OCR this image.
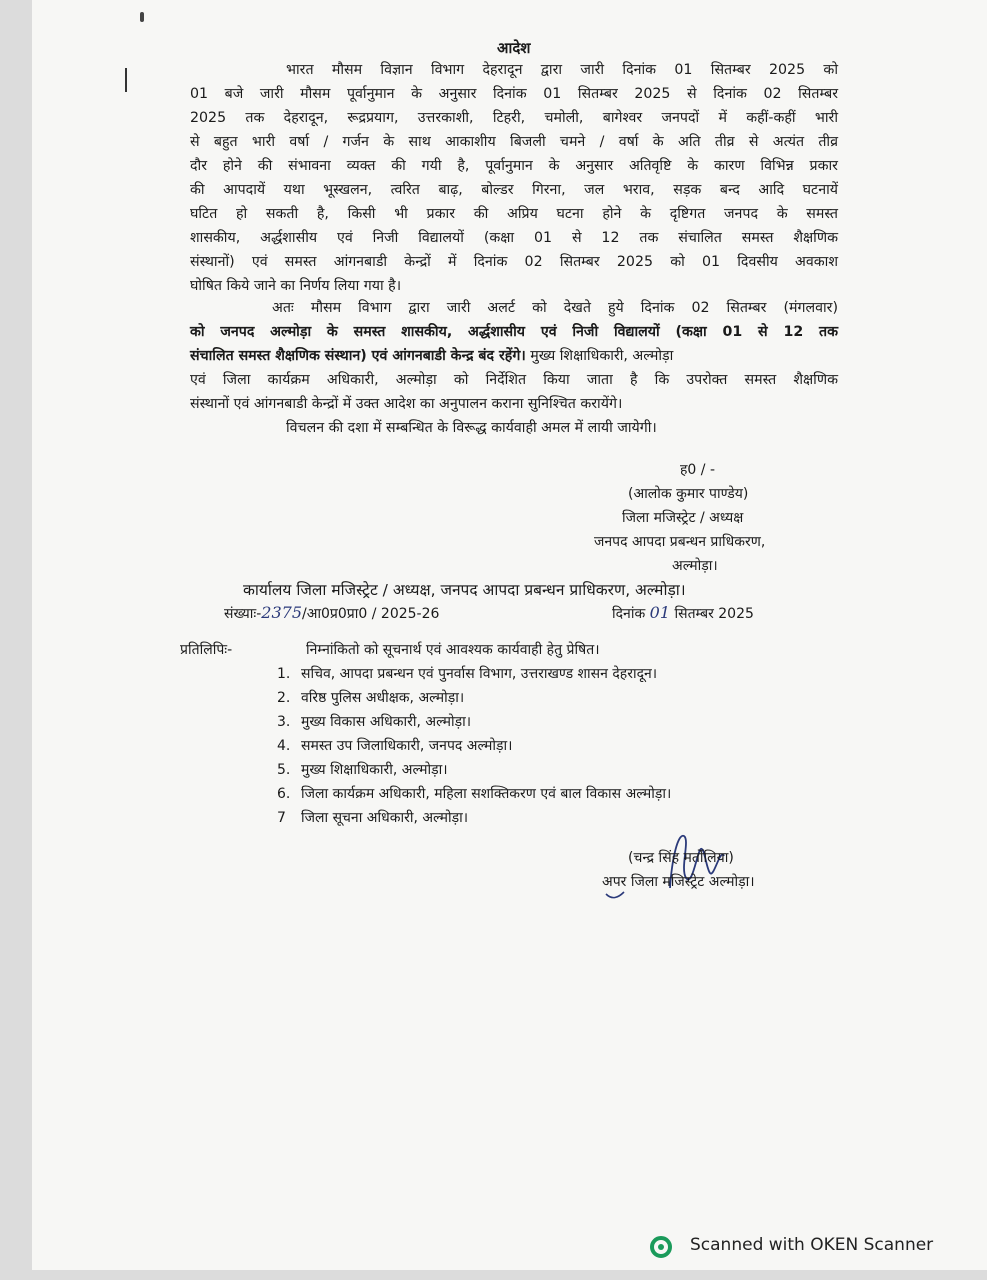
आदेश
भारत मौसम विज्ञान विभाग देहरादून द्वारा जारी दिनांक 01 सितम्बर 2025 को
01 बजे जारी मौसम पूर्वानुमान के अनुसार दिनांक 01 सितम्बर 2025 से दिनांक 02 सितम्बर
2025 तक देहरादून, रूद्रप्रयाग, उत्तरकाशी, टिहरी, चमोली, बागेश्वर जनपदों में कहीं-कहीं भारी
से बहुत भारी वर्षा / गर्जन के साथ आकाशीय बिजली चमने / वर्षा के अति तीव्र से अत्यंत तीव्र
दौर होने की संभावना व्यक्त की गयी है, पूर्वानुमान के अनुसार अतिवृष्टि के कारण विभिन्न प्रकार
की आपदायें यथा भूस्खलन, त्वरित बाढ़, बोल्डर गिरना, जल भराव, सड़क बन्द आदि घटनायें
घटित हो सकती है, किसी भी प्रकार की अप्रिय घटना होने के दृष्टिगत जनपद के समस्त
शासकीय, अर्द्धशासीय एवं निजी विद्यालयों (कक्षा 01 से 12 तक संचालित समस्त शैक्षणिक
संस्थानों) एवं समस्त आंगनबाडी केन्द्रों में दिनांक 02 सितम्बर 2025 को 01 दिवसीय अवकाश
घोषित किये जाने का निर्णय लिया गया है।
अतः मौसम विभाग द्वारा जारी अलर्ट को देखते हुये दिनांक 02 सितम्बर (मंगलवार)
को जनपद अल्मोड़ा के समस्त शासकीय, अर्द्धशासीय एवं निजी विद्यालयों (कक्षा 01 से 12 तक
संचालित समस्त शैक्षणिक संस्थान) एवं आंगनबाडी केन्द्र बंद रहेंगे। मुख्य शिक्षाधिकारी, अल्मोड़ा
एवं जिला कार्यक्रम अधिकारी, अल्मोड़ा को निर्देशित किया जाता है कि उपरोक्त समस्त शैक्षणिक
संस्थानों एवं आंगनबाडी केन्द्रों में उक्त आदेश का अनुपालन कराना सुनिश्चित करायेंगे।
विचलन की दशा में सम्बन्धित के विरूद्ध कार्यवाही अमल में लायी जायेगी।
ह0 / -
(आलोक कुमार पाण्डेय)
जिला मजिस्ट्रेट / अध्यक्ष
जनपद आपदा प्रबन्धन प्राधिकरण,
अल्मोड़ा।
कार्यालय जिला मजिस्ट्रेट / अध्यक्ष, जनपद आपदा प्रबन्धन प्राधिकरण, अल्मोड़ा।
संख्याः-2375/आ0प्र0प्रा0 / 2025-26	दिनांक 01 सितम्बर 2025
प्रतिलिपिः-	निम्नांकितो को सूचनार्थ एवं आवश्यक कार्यवाही हेतु प्रेषित।
1. सचिव, आपदा प्रबन्धन एवं पुनर्वास विभाग, उत्तराखण्ड शासन देहरादून।
2. वरिष्ठ पुलिस अधीक्षक, अल्मोड़ा।
3. मुख्य विकास अधिकारी, अल्मोड़ा।
4. समस्त उप जिलाधिकारी, जनपद अल्मोड़ा।
5. मुख्य शिक्षाधिकारी, अल्मोड़ा।
6. जिला कार्यक्रम अधिकारी, महिला सशक्तिकरण एवं बाल विकास अल्मोड़ा।
7 जिला सूचना अधिकारी, अल्मोड़ा।
(चन्द्र सिंह मर्तोलिया)
अपर जिला मजिस्ट्रेट अल्मोड़ा।
Scanned with OKEN Scanner
